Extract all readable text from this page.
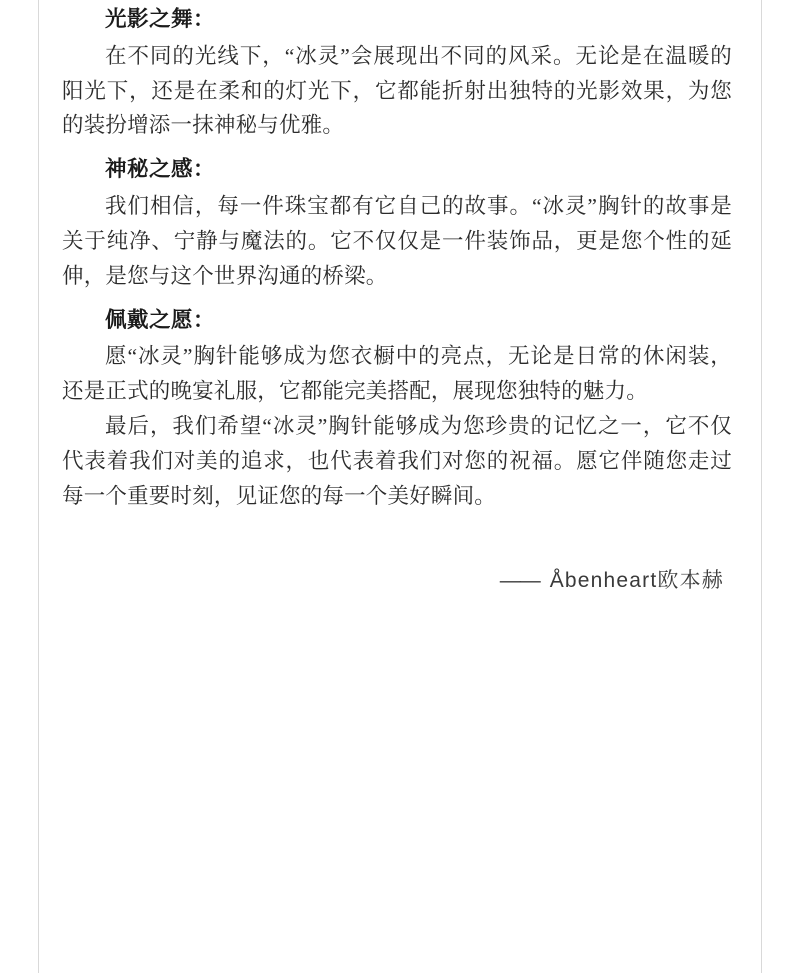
光影之舞：

在不同的光线下，“冰灵”会展现出不同的风采。无论是在温暖的阳光下，还是在柔和的灯光下，它都能折射出独特的光影效果，为您的装扮增添一抹神秘与优雅。

神秘之感：

我们相信，每一件珠宝都有它自己的故事。“冰灵”胸针的故事是关于纯净、宁静与魔法的。它不仅仅是一件装饰品，更是您个性的延伸，是您与这个世界沟通的桥梁。

佩戴之愿：

愿“冰灵”胸针能够成为您衣橱中的亮点，无论是日常的休闲装，还是正式的晚宴礼服，它都能完美搭配，展现您独特的魅力。

最后，我们希望“冰灵”胸针能够成为您珍贵的记忆之一，它不仅代表着我们对美的追求，也代表着我们对您的祝福。愿它伴随您走过每一个重要时刻，见证您的每一个美好瞬间。

—— Åbenheart欧本赫
